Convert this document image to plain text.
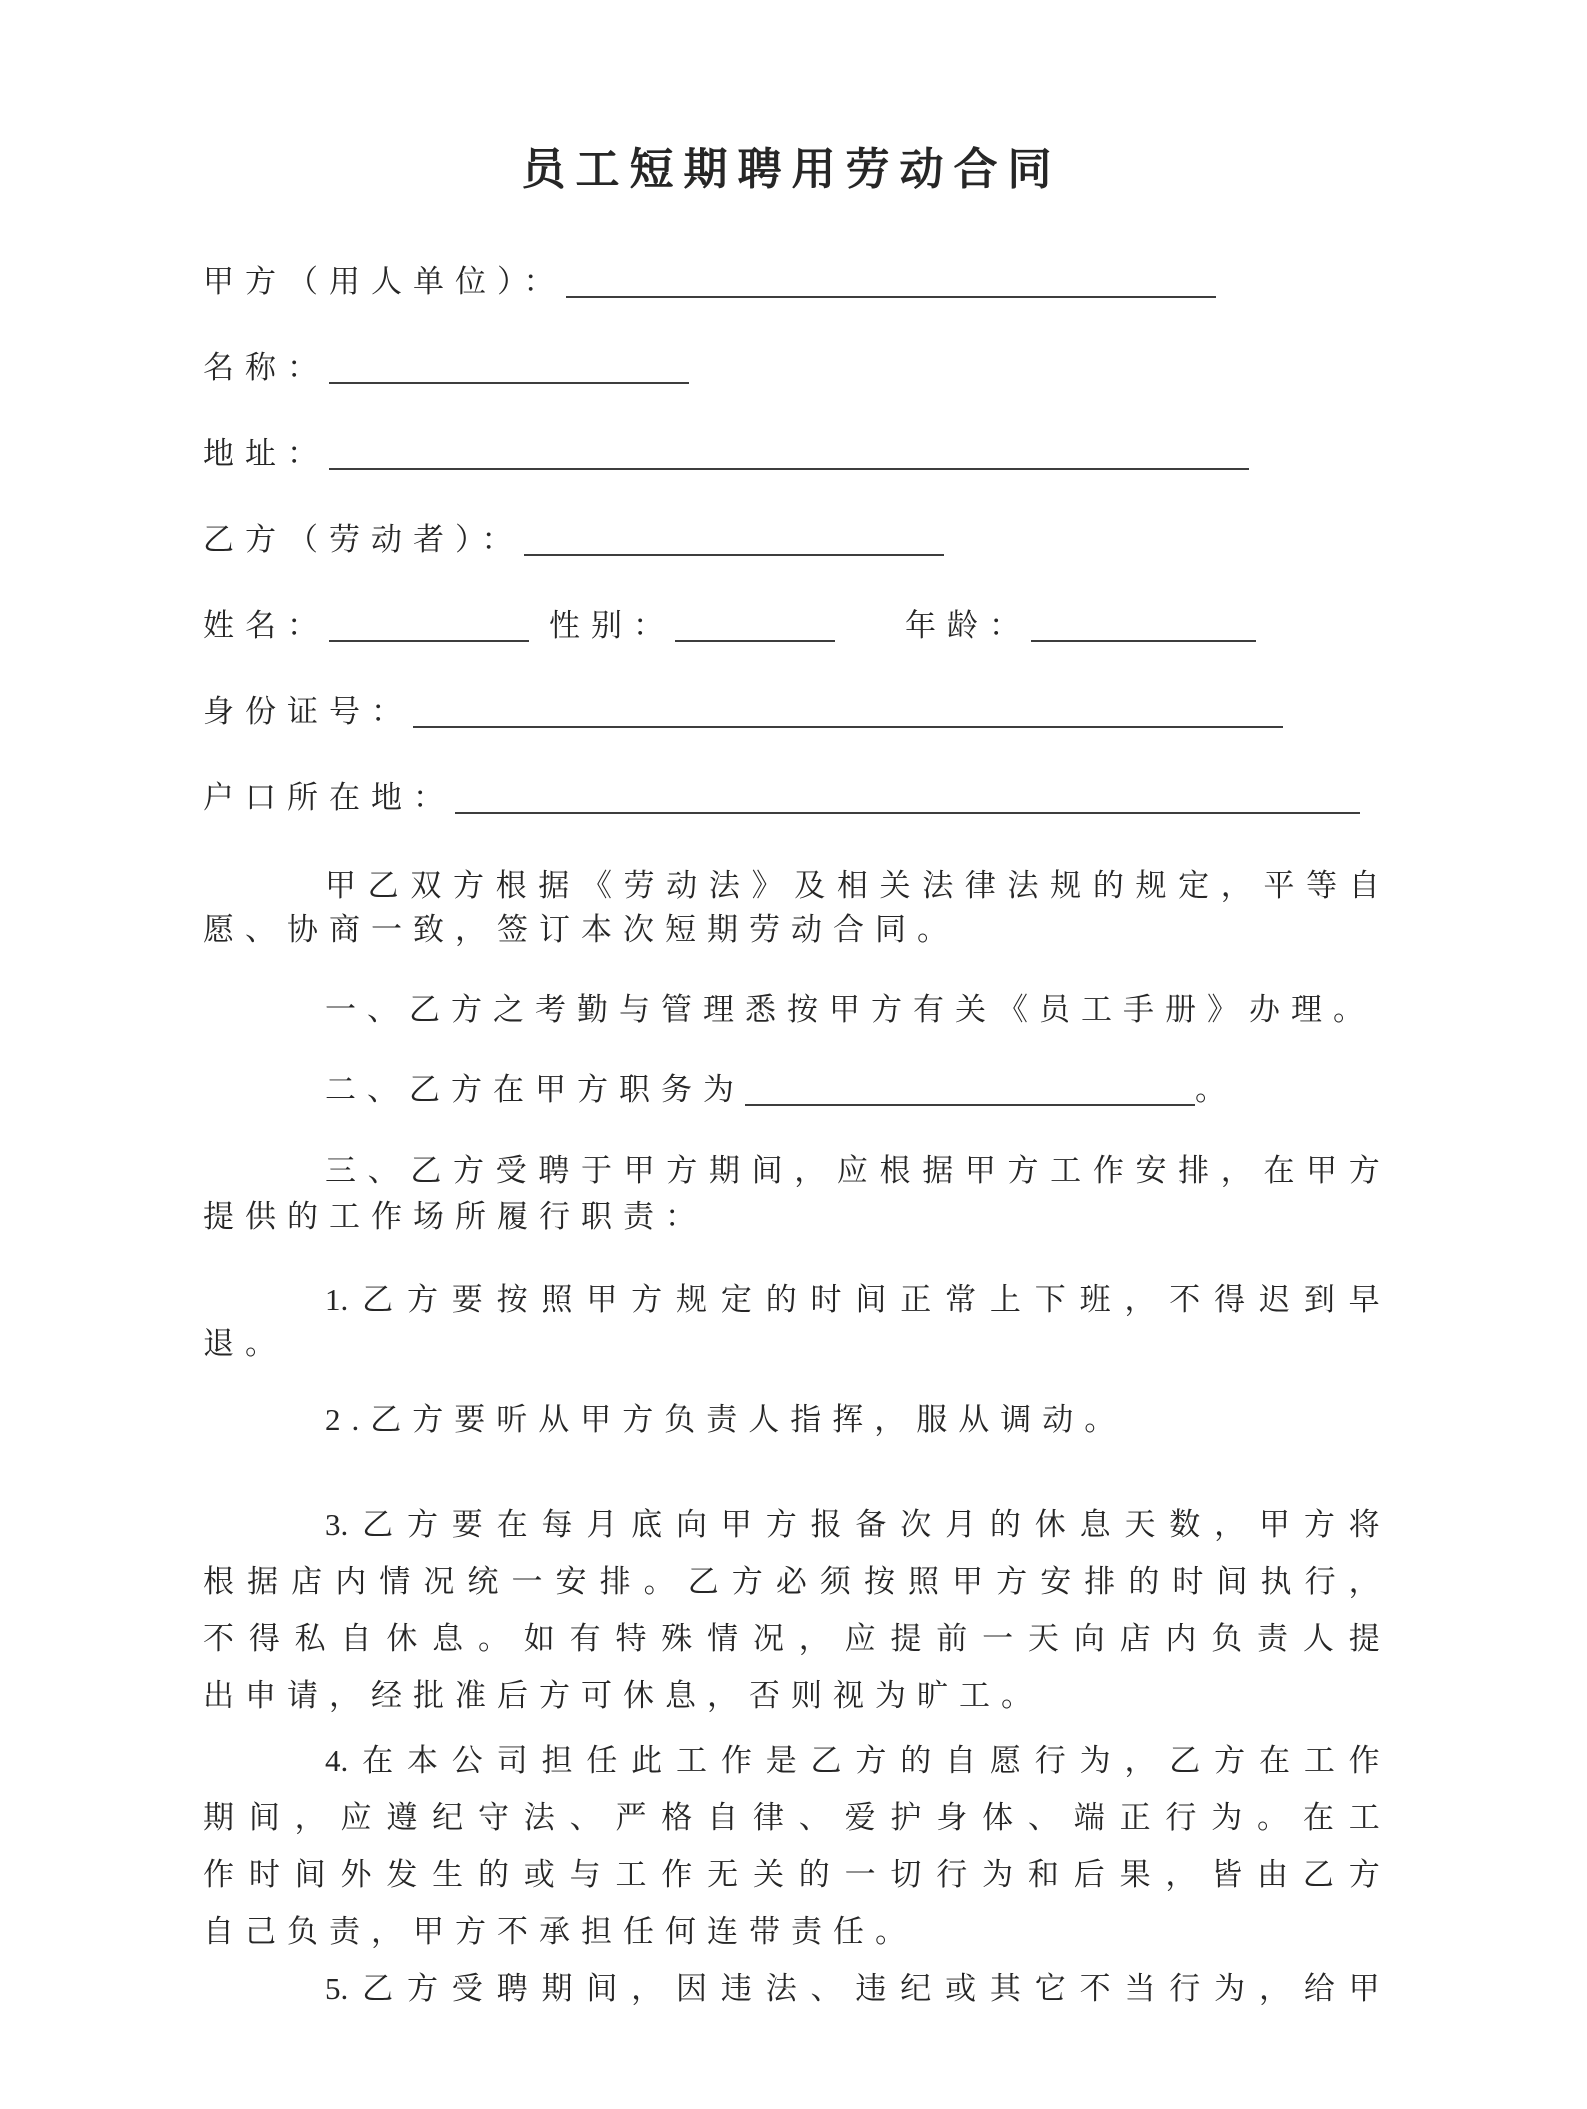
员工短期聘用劳动合同
甲方（用人单位）：
名称：
地址：
乙方（劳动者）：
姓名：	性别：	年龄：
身份证号：
户口所在地：
甲 乙 双 方 根 据 《 劳 动 法 》 及 相 关 法 律 法 规 的 规 定 ， 平 等 自
愿、协商一致，签订本次短期劳动合同。
一、乙方之考勤与管理悉按甲方有关《员工手册》办理。
二、乙方在甲方职务为	。
三 、 乙 方 受 聘 于 甲 方 期 间 ， 应 根 据 甲 方 工 作 安 排 ， 在 甲 方
提供的工作场所履行职责：
1. 乙 方 要 按 照 甲 方 规 定 的 时 间 正 常 上 下 班 ， 不 得 迟 到 早
退。
2.乙方要听从甲方负责人指挥，服从调动。
3. 乙 方 要 在 每 月 底 向 甲 方 报 备 次 月 的 休 息 天 数 ， 甲 方 将
根 据 店 内 情 况 统 一 安 排 。 乙 方 必 须 按 照 甲 方 安 排 的 时 间 执 行 ，
不 得 私 自 休 息 。 如 有 特 殊 情 况 ， 应 提 前 一 天 向 店 内 负 责 人 提
出申请，经批准后方可休息，否则视为旷工。
4. 在 本 公 司 担 任 此 工 作 是 乙 方 的 自 愿 行 为 ， 乙 方 在 工 作
期 间 ， 应 遵 纪 守 法 、 严 格 自 律 、 爱 护 身 体 、 端 正 行 为 。 在 工
作 时 间 外 发 生 的 或 与 工 作 无 关 的 一 切 行 为 和 后 果 ， 皆 由 乙 方
自己负责，甲方不承担任何连带责任。
5. 乙 方 受 聘 期 间 ， 因 违 法 、 违 纪 或 其 它 不 当 行 为 ， 给 甲
